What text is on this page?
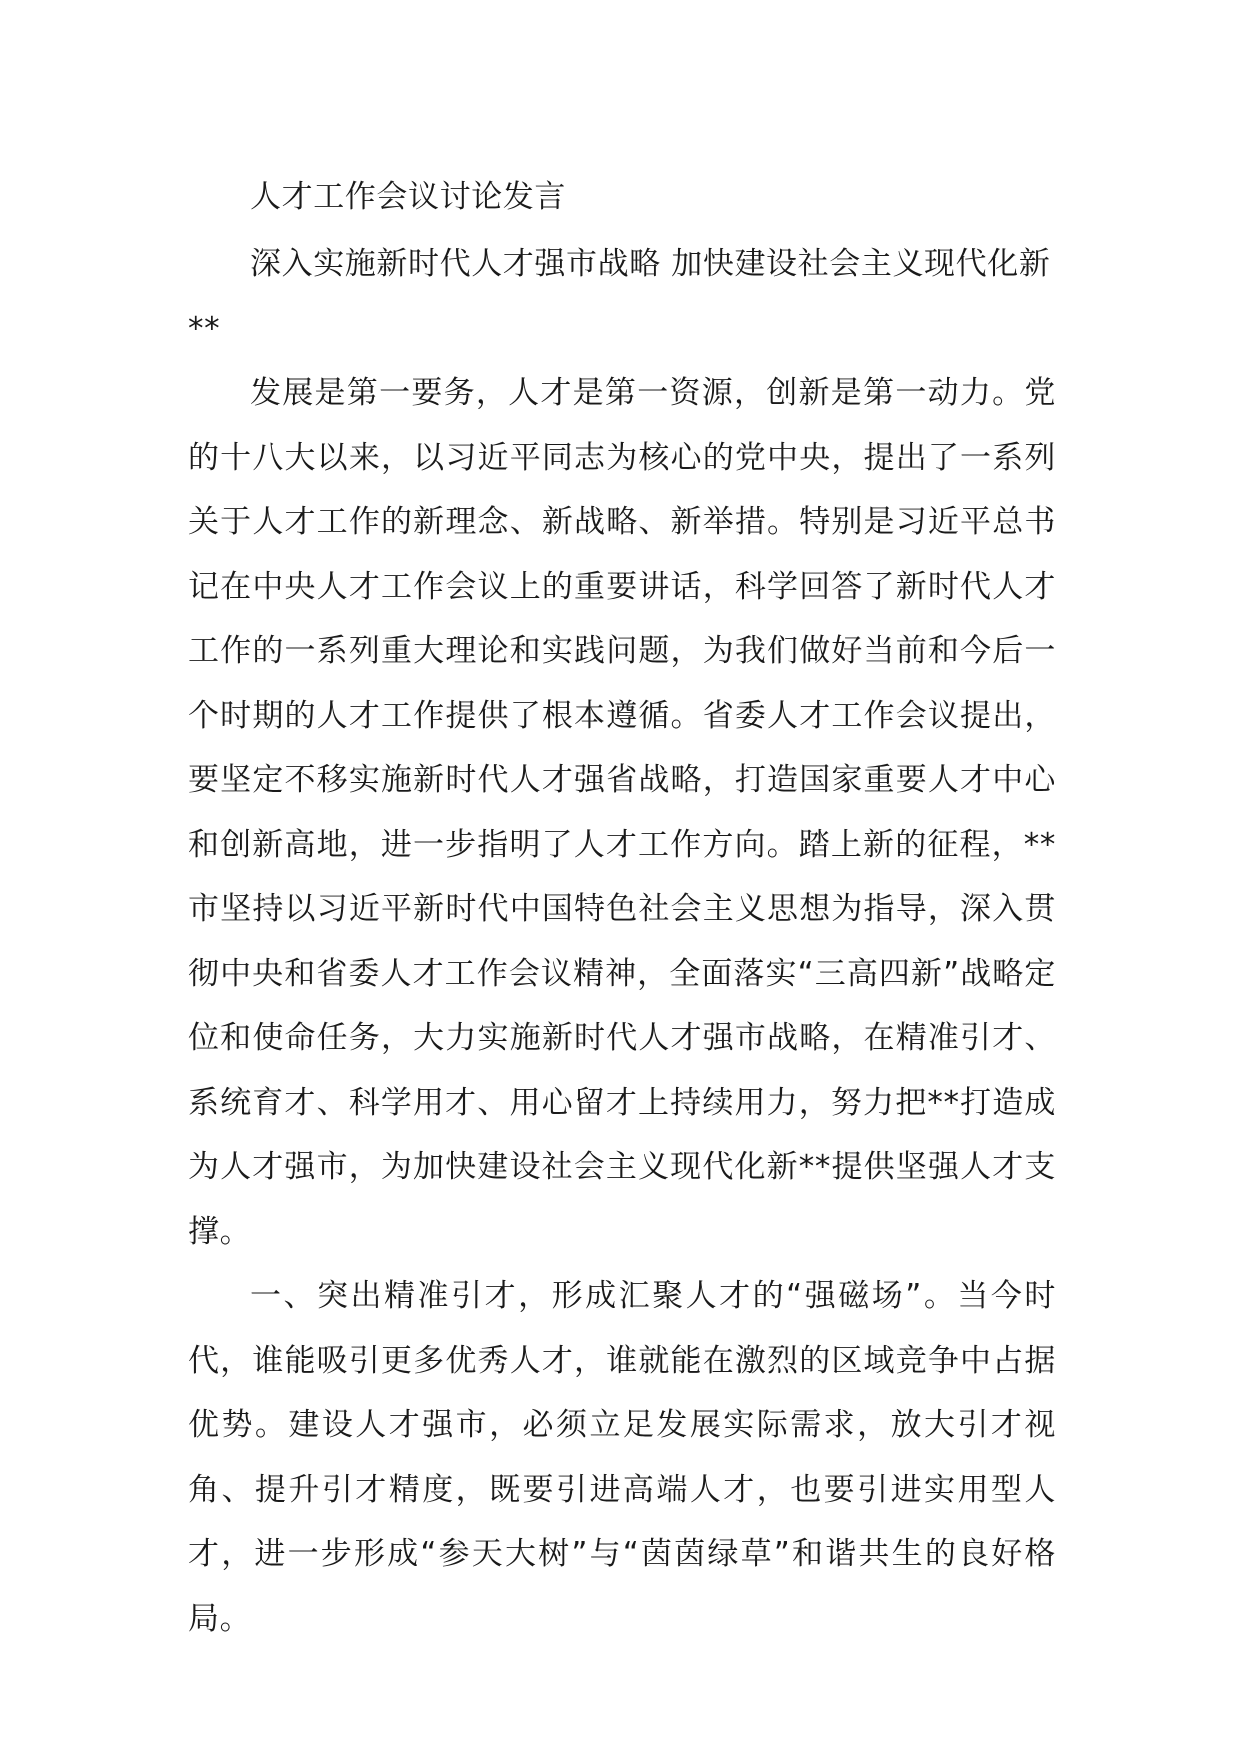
人才工作会议讨论发言

深入实施新时代人才强市战略 加快建设社会主义现代化新**

发展是第一要务，人才是第一资源，创新是第一动力。党的十八大以来，以习近平同志为核心的党中央，提出了一系列关于人才工作的新理念、新战略、新举措。特别是习近平总书记在中央人才工作会议上的重要讲话，科学回答了新时代人才工作的一系列重大理论和实践问题，为我们做好当前和今后一个时期的人才工作提供了根本遵循。省委人才工作会议提出，要坚定不移实施新时代人才强省战略，打造国家重要人才中心和创新高地，进一步指明了人才工作方向。踏上新的征程，**市坚持以习近平新时代中国特色社会主义思想为指导，深入贯彻中央和省委人才工作会议精神，全面落实“三高四新”战略定位和使命任务，大力实施新时代人才强市战略，在精准引才、系统育才、科学用才、用心留才上持续用力，努力把**打造成为人才强市，为加快建设社会主义现代化新**提供坚强人才支撑。

一、突出精准引才，形成汇聚人才的“强磁场”。当今时代，谁能吸引更多优秀人才，谁就能在激烈的区域竞争中占据优势。建设人才强市，必须立足发展实际需求，放大引才视角、提升引才精度，既要引进高端人才，也要引进实用型人才，进一步形成“参天大树”与“茵茵绿草”和谐共生的良好格局。
